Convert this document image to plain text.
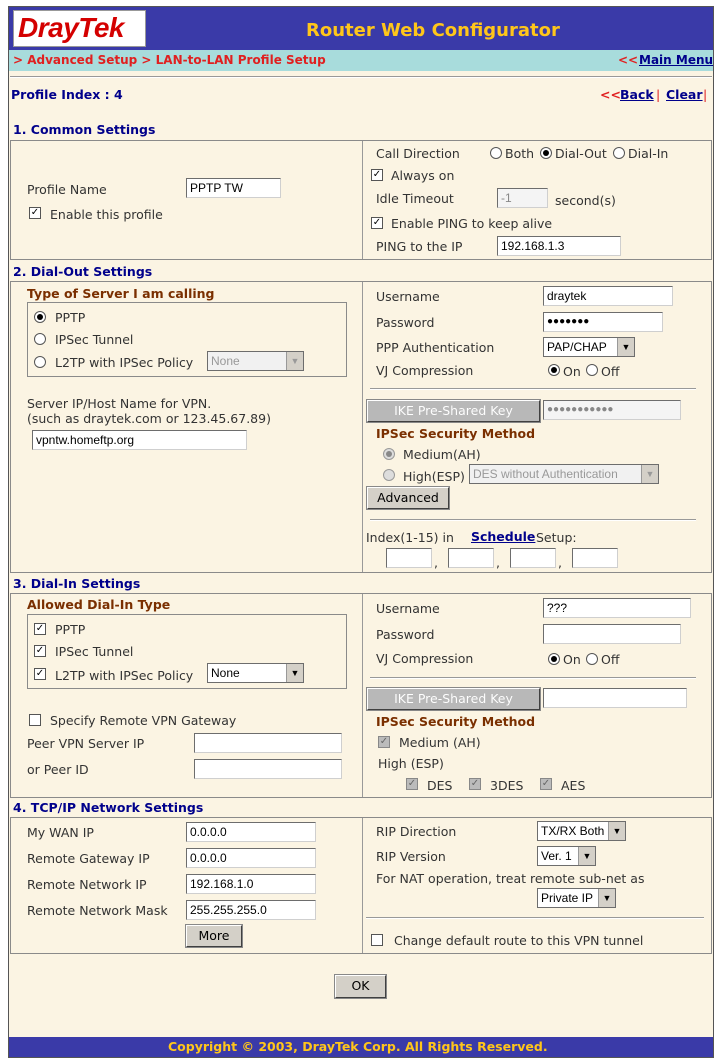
DrayTek	Router Web Configurator
> Advanced Setup > LAN-to-LAN Profile Setup	<< Main Menu
Profile Index : 4	<< Back | Clear |
1. Common Settings
Profile Name	PPTP TW
✓ Enable this profile
Call Direction	Both Dial-Out Dial-In
✓ Always on
Idle Timeout	-1	second(s)
✓ Enable PING to keep alive
PING to the IP	192.168.1.3
2. Dial-Out Settings
Type of Server I am calling
PPTP
IPSec Tunnel
L2TP with IPSec Policy	None	▼
Server IP/Host Name for VPN.
(such as draytek.com or 123.45.67.89)
vpntw.homeftp.org
Username	draytek
Password	●●●●●●●
PPP Authentication	PAP/CHAP	▼
VJ Compression	On Off
IKE Pre-Shared Key	●●●●●●●●●●●
IPSec Security Method
Medium(AH)
High(ESP) DES without Authentication	▼
Advanced
Index(1-15) in Schedule Setup:
,	,	,
3. Dial-In Settings
Allowed Dial-In Type
✓ PPTP
✓ IPSec Tunnel
✓ L2TP with IPSec Policy	None	▼
Specify Remote VPN Gateway
Peer VPN Server IP
or Peer ID
Username	???
Password
VJ Compression	On Off
IKE Pre-Shared Key
IPSec Security Method
✓ Medium (AH)
High (ESP)
✓ DES ✓ 3DES ✓ AES
4. TCP/IP Network Settings
My WAN IP	0.0.0.0
Remote Gateway IP	0.0.0.0
Remote Network IP	192.168.1.0
Remote Network Mask	255.255.255.0
More
RIP Direction	TX/RX Both ▼
RIP Version	Ver. 1	▼
For NAT operation, treat remote sub-net as
Private IP	▼
Change default route to this VPN tunnel
OK
Copyright © 2003, DrayTek Corp. All Rights Reserved.
